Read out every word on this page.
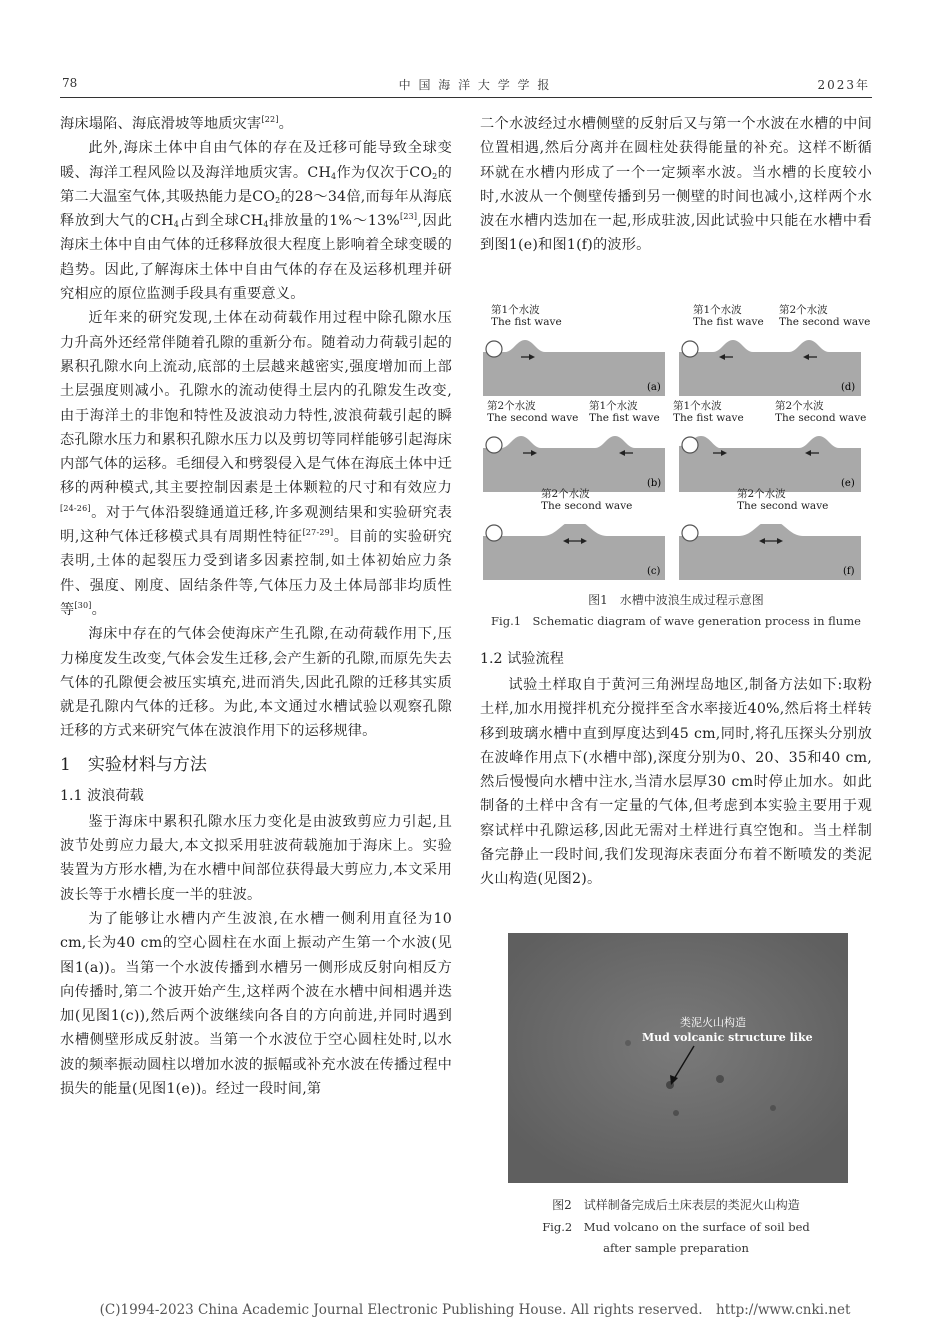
78	中 国 海 洋 大 学 学 报	2023年

海床塌陷、海底滑坡等地质灾害[22]。

此外,海床土体中自由气体的存在及迁移可能导致全球变暖、海洋工程风险以及海洋地质灾害。$CH_4$作为仅次于$CO_2$的第二大温室气体,其吸热能力是$CO_2$的28～34倍,而每年从海底释放到大气的$CH_4$占到全球$CH_4$排放量的1%～13%[23],因此海床土体中自由气体的迁移释放很大程度上影响着全球变暖的趋势。因此,了解海床土体中自由气体的存在及运移机理并研究相应的原位监测手段具有重要意义。

近年来的研究发现,土体在动荷载作用过程中除孔隙水压力升高外还经常伴随着孔隙的重新分布。随着动力荷载引起的累积孔隙水向上流动,底部的土层越来越密实,强度增加而上部土层强度则减小。孔隙水的流动使得土层内的孔隙发生改变,由于海洋土的非饱和特性及波浪动力特性,波浪荷载引起的瞬态孔隙水压力和累积孔隙水压力以及剪切等同样能够引起海床内部气体的运移。毛细侵入和劈裂侵入是气体在海底土体中迁移的两种模式,其主要控制因素是土体颗粒的尺寸和有效应力[24-26]。对于气体沿裂缝通道迁移,许多观测结果和实验研究表明,这种气体迁移模式具有周期性特征[27-29]。目前的实验研究表明,土体的起裂压力受到诸多因素控制,如土体初始应力条件、强度、刚度、固结条件等,气体压力及土体局部非均质性等[30]。

海床中存在的气体会使海床产生孔隙,在动荷载作用下,压力梯度发生改变,气体会发生迁移,会产生新的孔隙,而原先失去气体的孔隙便会被压实填充,进而消失,因此孔隙的迁移其实质就是孔隙内气体的迁移。为此,本文通过水槽试验以观察孔隙迁移的方式来研究气体在波浪作用下的运移规律。

1　实验材料与方法
1.1 波浪荷载

鉴于海床中累积孔隙水压力变化是由波致剪应力引起,且波节处剪应力最大,本文拟采用驻波荷载施加于海床上。实验装置为方形水槽,为在水槽中间部位获得最大剪应力,本文采用波长等于水槽长度一半的驻波。

为了能够让水槽内产生波浪,在水槽一侧利用直径为10 cm,长为40 cm的空心圆柱在水面上振动产生第一个水波(见图1(a))。当第一个水波传播到水槽另一侧形成反射向相反方向传播时,第二个波开始产生,这样两个波在水槽中间相遇并迭加(见图1(c)),然后两个波继续向各自的方向前进,并同时遇到水槽侧壁形成反射波。当第一个水波位于空心圆柱处时,以水波的频率振动圆柱以增加水波的振幅或补充水波在传播过程中损失的能量(见图1(e))。经过一段时间,第

二个水波经过水槽侧壁的反射后又与第一个水波在水槽的中间位置相遇,然后分离并在圆柱处获得能量的补充。这样不断循环就在水槽内形成了一个一定频率水波。当水槽的长度较小时,水波从一个侧壁传播到另一侧壁的时间也减小,这样两个水波在水槽内迭加在一起,形成驻波,因此试验中只能在水槽中看到图1(e)和图1(f)的波形。

第1个水波
The fist wave
(a)
第1个水波
The fist wave
第2个水波
The second wave
(d)
第2个水波
The second wave
第1个水波
The fist wave
(b)
第1个水波
The fist wave
第2个水波
The second wave
(e)
第2个水波
The second wave
(c)
第2个水波
The second wave
(f)
图1　水槽中波浪生成过程示意图
Fig.1　Schematic diagram of wave generation process in flume
1.2 试验流程

试验土样取自于黄河三角洲埕岛地区,制备方法如下:取粉土样,加水用搅拌机充分搅拌至含水率接近40%,然后将土样转移到玻璃水槽中直到厚度达到45 cm,同时,将孔压探头分别放在波峰作用点下(水槽中部),深度分别为0、20、35和40 cm,然后慢慢向水槽中注水,当清水层厚30 cm时停止加水。如此制备的土样中含有一定量的气体,但考虑到本实验主要用于观察试样中孔隙运移,因此无需对土样进行真空饱和。当土样制备完静止一段时间,我们发现海床表面分布着不断喷发的类泥火山构造(见图2)。

类泥火山构造
Mud volcanic structure like
图2　试样制备完成后土床表层的类泥火山构造
Fig.2　Mud volcano on the surface of soil bed
after sample preparation
(C)1994-2023 China Academic Journal Electronic Publishing House. All rights reserved.　http://www.cnki.net
